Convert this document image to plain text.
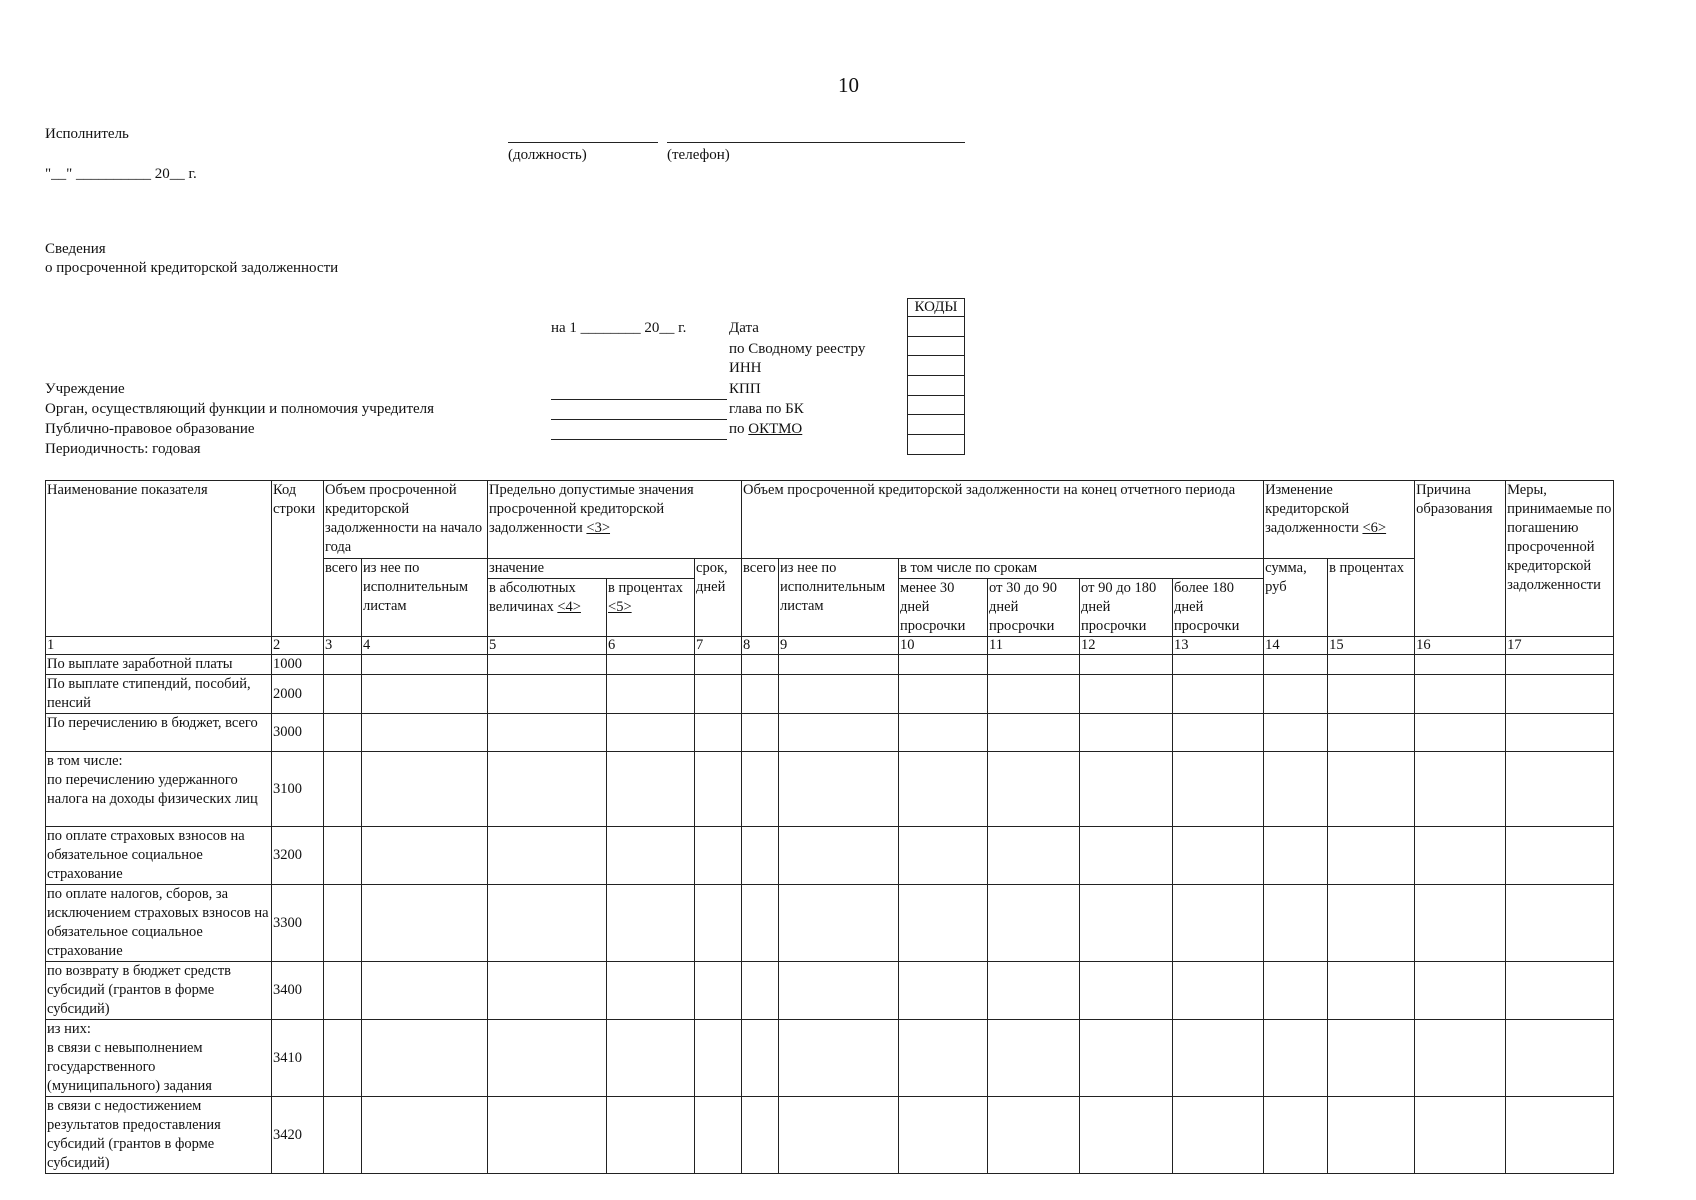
10
Исполнитель
(должность)	(телефон)
"__" __________ 20__ г.
Сведения
о просроченной кредиторской задолженности
на 1 ________ 20__ г.	Дата
по Сводному реестру
ИНН
КПП
глава по БК
по ОКТМО
КОДЫ

Учреждение
Орган, осуществляющий функции и полномочия учредителя
Публично-правовое образование
Периодичность: годовая
Наименование показателя	Код строки	Объем просроченной кредиторской задолженности на начало года		Предельно допустимые значения просроченной кредиторской задолженности <3>			Объем просроченной кредиторской задолженности на конец отчетного периода						Изменение кредиторской задолженности <6>		Причина образования	Меры, принимаемые по погашению просроченной кредиторской задолженности
		всего	из нее по исполнительным листам	значение		срок, дней	всего	из нее по исполнительным листам	в том числе по срокам				сумма, руб	в процентах		
				в абсолютных величинах <4>	в процентах <5>				менее 30 дней просрочки	от 30 до 90 дней просрочки	от 90 до 180 дней просрочки	более 180 дней просрочки				
1	2	3	4	5	6	7	8	9	10	11	12	13	14	15	16	17
По выплате заработной платы	1000															
По выплате стипендий, пособий, пенсий	2000															
По перечислению в бюджет, всего	3000															
в том числе:
по перечислению удержанного налога на доходы физических лиц	3100															
по оплате страховых взносов на обязательное социальное страхование	3200															
по оплате налогов, сборов, за исключением страховых взносов на обязательное социальное страхование	3300															
по возврату в бюджет средств субсидий (грантов в форме субсидий)	3400															
из них:
в связи с невыполнением государственного (муниципального) задания	3410															
в связи с недостижением результатов предоставления субсидий (грантов в форме субсидий)	3420															
